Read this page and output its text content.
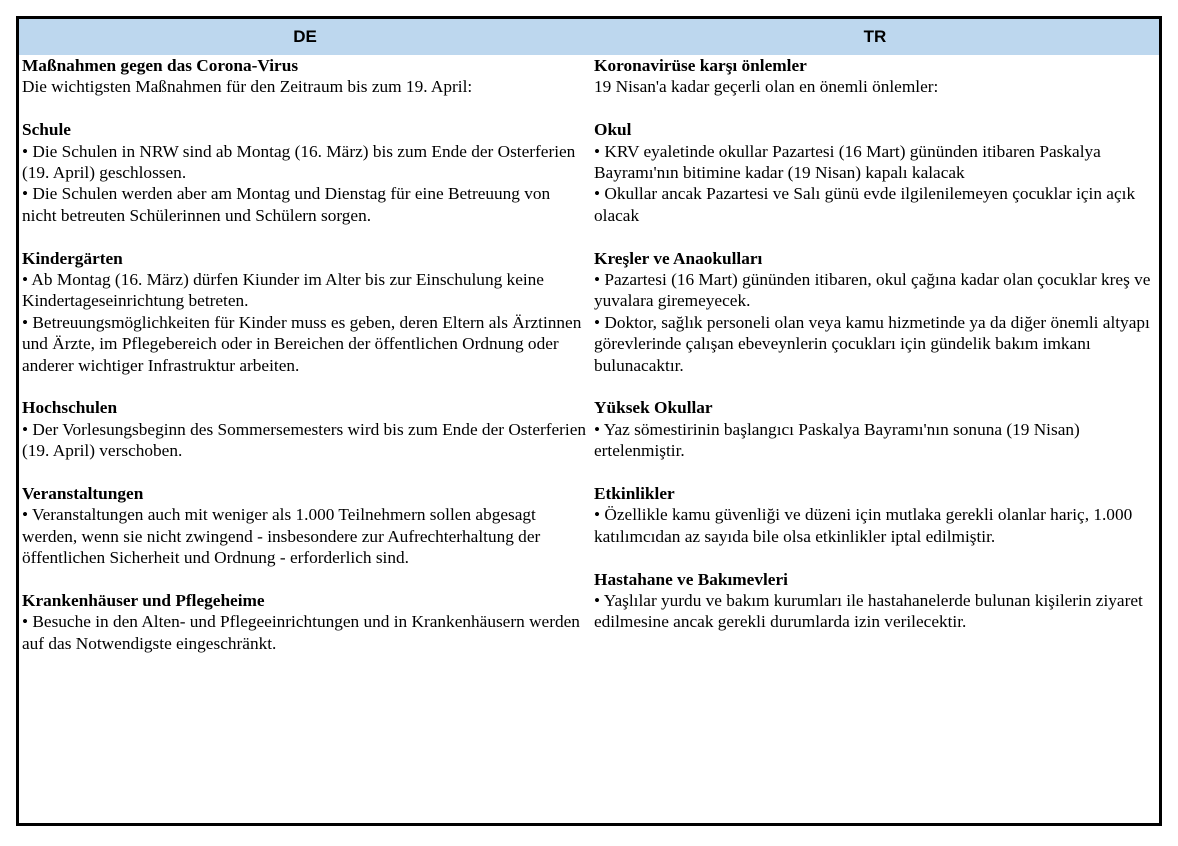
DE	TR
Maßnahmen gegen das Corona-Virus
Die wichtigsten Maßnahmen für den Zeitraum bis zum 19. April:
Schule
• Die Schulen in NRW sind ab Montag (16. März) bis zum Ende der Osterferien (19. April) geschlossen.
• Die Schulen werden aber am Montag und Dienstag für eine Betreuung von nicht betreuten Schülerinnen und Schülern sorgen.
Kindergärten
• Ab Montag (16. März) dürfen Kiunder im Alter bis zur Einschulung keine Kindertageseinrichtung betreten.
• Betreuungsmöglichkeiten für Kinder muss es geben, deren Eltern als Ärztinnen und Ärzte, im Pflegebereich oder in Bereichen der öffentlichen Ordnung oder anderer wichtiger Infrastruktur arbeiten.
Hochschulen
• Der Vorlesungsbeginn des Sommersemesters wird bis zum Ende der Osterferien (19. April) verschoben.
Veranstaltungen
• Veranstaltungen auch mit weniger als 1.000 Teilnehmern sollen abgesagt werden, wenn sie nicht zwingend - insbesondere zur Aufrechterhaltung der öffentlichen Sicherheit und Ordnung - erforderlich sind.
Krankenhäuser und Pflegeheime
• Besuche in den Alten- und Pflegeeinrichtungen und in Krankenhäusern werden auf das Notwendigste eingeschränkt.
Koronavirüse karşı önlemler
19 Nisan'a kadar geçerli olan en önemli önlemler:
Okul
• KRV eyaletinde okullar Pazartesi (16 Mart) gününden itibaren Paskalya Bayramı'nın bitimine kadar (19 Nisan) kapalı kalacak
• Okullar ancak Pazartesi ve Salı günü evde ilgilenilemeyen çocuklar için açık olacak
Kreşler ve Anaokulları
• Pazartesi (16 Mart) gününden itibaren, okul çağına kadar olan çocuklar kreş ve yuvalara giremeyecek.
• Doktor, sağlık personeli olan veya kamu hizmetinde ya da diğer önemli altyapı görevlerinde çalışan ebeveynlerin çocukları için gündelik bakım imkanı bulunacaktır.
Yüksek Okullar
• Yaz sömestirinin başlangıcı Paskalya Bayramı'nın sonuna (19 Nisan) ertelenmiştir.
Etkinlikler
• Özellikle kamu güvenliği ve düzeni için mutlaka gerekli olanlar hariç, 1.000 katılımcıdan az sayıda bile olsa etkinlikler iptal edilmiştir.
Hastahane ve Bakımevleri
• Yaşlılar yurdu ve bakım kurumları ile hastahanelerde bulunan kişilerin ziyaret edilmesine ancak gerekli durumlarda izin verilecektir.
